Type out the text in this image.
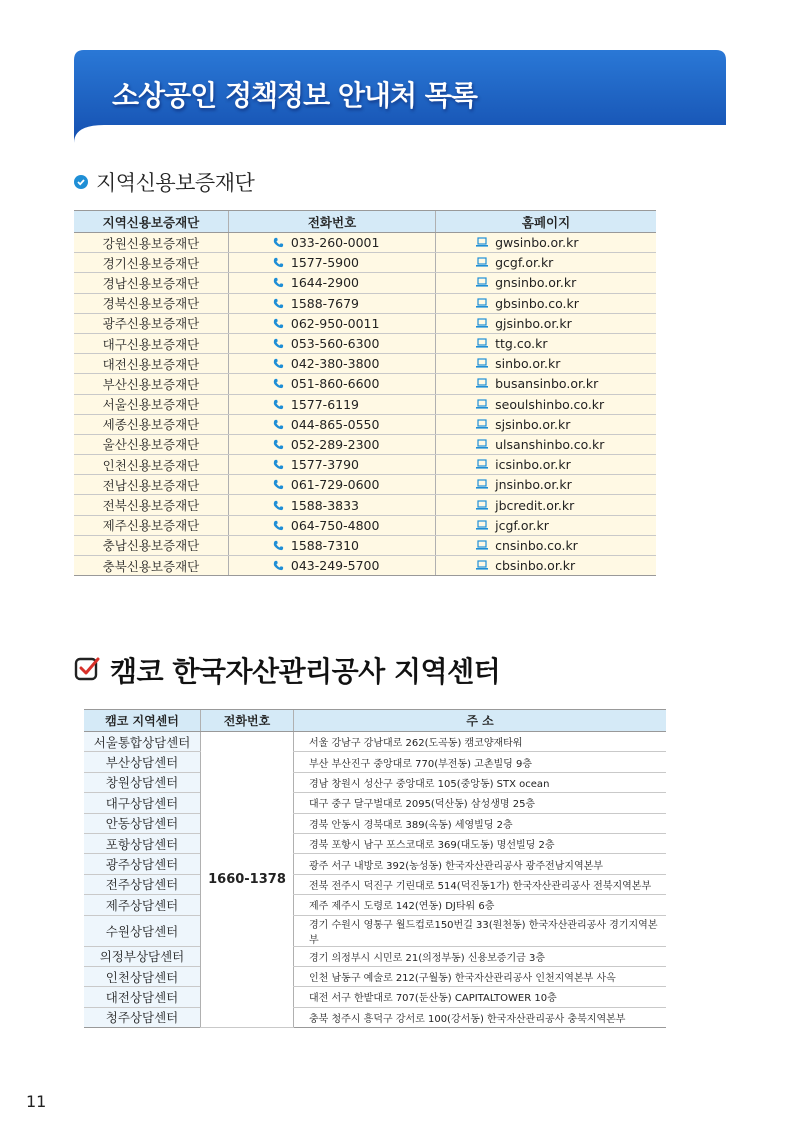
소상공인 정책정보 안내처 목록
지역신용보증재단
지역신용보증재단	전화번호	홈페이지
강원신용보증재단	033-260-0001	gwsinbo.or.kr

경기신용보증재단	1577-5900	gcgf.or.kr

경남신용보증재단	1644-2900	gnsinbo.or.kr

경북신용보증재단	1588-7679	gbsinbo.co.kr

광주신용보증재단	062-950-0011	gjsinbo.or.kr

대구신용보증재단	053-560-6300	ttg.co.kr

대전신용보증재단	042-380-3800	sinbo.or.kr

부산신용보증재단	051-860-6600	busansinbo.or.kr

서울신용보증재단	1577-6119	seoulshinbo.co.kr

세종신용보증재단	044-865-0550	sjsinbo.or.kr

울산신용보증재단	052-289-2300	ulsanshinbo.co.kr

인천신용보증재단	1577-3790	icsinbo.or.kr

전남신용보증재단	061-729-0600	jnsinbo.or.kr

전북신용보증재단	1588-3833	jbcredit.or.kr

제주신용보증재단	064-750-4800	jcgf.or.kr

충남신용보증재단	1588-7310	cnsinbo.co.kr

충북신용보증재단	043-249-5700	cbsinbo.or.kr
캠코 한국자산관리공사 지역센터
캠코 지역센터	전화번호	주 소
서울통합상담센터	1660-1378	서울 강남구 강남대로 262(도곡동) 캠코양재타워
부산상담센터		부산 부산진구 중앙대로 770(부전동) 고촌빌딩 9층
창원상담센터		경남 창원시 성산구 중앙대로 105(중앙동) STX ocean
대구상담센터		대구 중구 달구벌대로 2095(덕산동) 삼성생명 25층
안동상담센터		경북 안동시 경북대로 389(옥동) 세영빌딩 2층
포항상담센터		경북 포항시 남구 포스코대로 369(대도동) 명선빌딩 2층
광주상담센터		광주 서구 내방로 392(농성동) 한국자산관리공사 광주전남지역본부
전주상담센터		전북 전주시 덕진구 기린대로 514(덕진동1가) 한국자산관리공사 전북지역본부
제주상담센터		제주 제주시 도령로 142(연동) DJ타워 6층
수원상담센터		경기 수원시 영통구 월드컵로150번길 33(원천동) 한국자산관리공사 경기지역본부
의정부상담센터		경기 의정부시 시민로 21(의정부동) 신용보증기금 3층
인천상담센터		인천 남동구 예술로 212(구월동) 한국자산관리공사 인천지역본부 사옥
대전상담센터		대전 서구 한밭대로 707(둔산동) CAPITALTOWER 10층
청주상담센터		충북 청주시 흥덕구 강서로 100(강서동) 한국자산관리공사 충북지역본부
11
